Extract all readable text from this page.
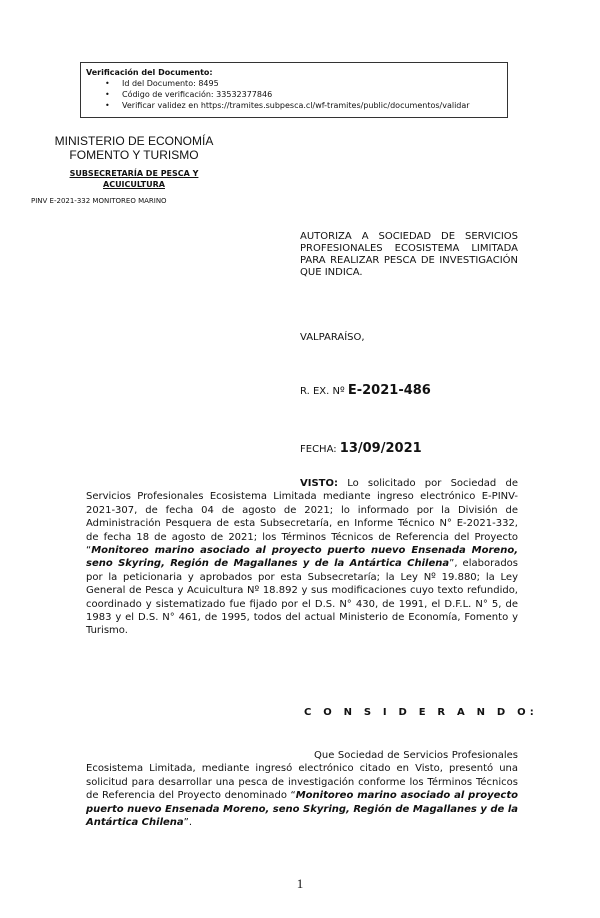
Verificación del Documento:
• Id del Documento: 8495
• Código de verificación: 33532377846
• Verificar validez en https://tramites.subpesca.cl/wf-tramites/public/documentos/validar
MINISTERIO DE ECONOMÍA
FOMENTO Y TURISMO
SUBSECRETARÍA DE PESCA Y
ACUICULTURA
PINV E-2021-332 MONITOREO MARINO
AUTORIZA A SOCIEDAD DE SERVICIOS PROFESIONALES ECOSISTEMA LIMITADA PARA REALIZAR PESCA DE INVESTIGACIÓN QUE INDICA.
VALPARAÍSO,
R. EX. Nº E-2021-486
FECHA: 13/09/2021
VISTO: Lo solicitado por Sociedad de Servicios Profesionales Ecosistema Limitada mediante ingreso electrónico E-PINV-2021-307, de fecha 04 de agosto de 2021; lo informado por la División de Administración Pesquera de esta Subsecretaría, en Informe Técnico N° E-2021-332, de fecha 18 de agosto de 2021; los Términos Técnicos de Referencia del Proyecto “Monitoreo marino asociado al proyecto puerto nuevo Ensenada Moreno, seno Skyring, Región de Magallanes y de la Antártica Chilena”, elaborados por la peticionaria y aprobados por esta Subsecretaría; la Ley Nº 19.880; la Ley General de Pesca y Acuicultura Nº 18.892 y sus modificaciones cuyo texto refundido, coordinado y sistematizado fue fijado por el D.S. N° 430, de 1991, el D.F.L. N° 5, de 1983 y el D.S. N° 461, de 1995, todos del actual Ministerio de Economía, Fomento y Turismo.
C O N S I D E R A N D O:
Que Sociedad de Servicios Profesionales Ecosistema Limitada, mediante ingresó electrónico citado en Visto, presentó una solicitud para desarrollar una pesca de investigación conforme los Términos Técnicos de Referencia del Proyecto denominado “Monitoreo marino asociado al proyecto puerto nuevo Ensenada Moreno, seno Skyring, Región de Magallanes y de la Antártica Chilena”.
1
